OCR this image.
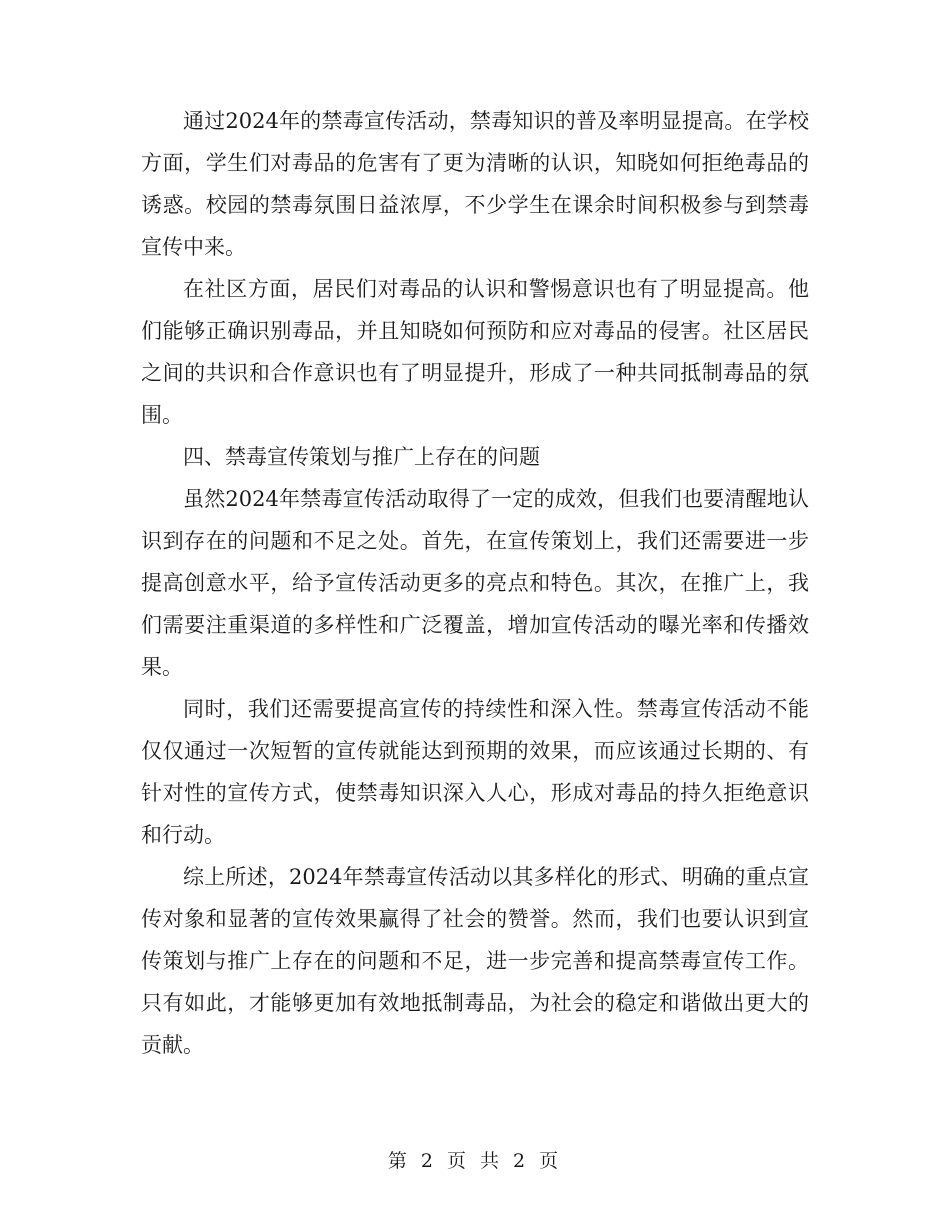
通过2024年的禁毒宣传活动，禁毒知识的普及率明显提高。在学校方面，学生们对毒品的危害有了更为清晰的认识，知晓如何拒绝毒品的诱惑。校园的禁毒氛围日益浓厚，不少学生在课余时间积极参与到禁毒宣传中来。

在社区方面，居民们对毒品的认识和警惕意识也有了明显提高。他们能够正确识别毒品，并且知晓如何预防和应对毒品的侵害。社区居民之间的共识和合作意识也有了明显提升，形成了一种共同抵制毒品的氛围。

四、禁毒宣传策划与推广上存在的问题

虽然2024年禁毒宣传活动取得了一定的成效，但我们也要清醒地认识到存在的问题和不足之处。首先，在宣传策划上，我们还需要进一步提高创意水平，给予宣传活动更多的亮点和特色。其次，在推广上，我们需要注重渠道的多样性和广泛覆盖，增加宣传活动的曝光率和传播效果。

同时，我们还需要提高宣传的持续性和深入性。禁毒宣传活动不能仅仅通过一次短暂的宣传就能达到预期的效果，而应该通过长期的、有针对性的宣传方式，使禁毒知识深入人心，形成对毒品的持久拒绝意识和行动。

综上所述，2024年禁毒宣传活动以其多样化的形式、明确的重点宣传对象和显著的宣传效果赢得了社会的赞誉。然而，我们也要认识到宣传策划与推广上存在的问题和不足，进一步完善和提高禁毒宣传工作。只有如此，才能够更加有效地抵制毒品，为社会的稳定和谐做出更大的贡献。

第 2 页 共 2 页
